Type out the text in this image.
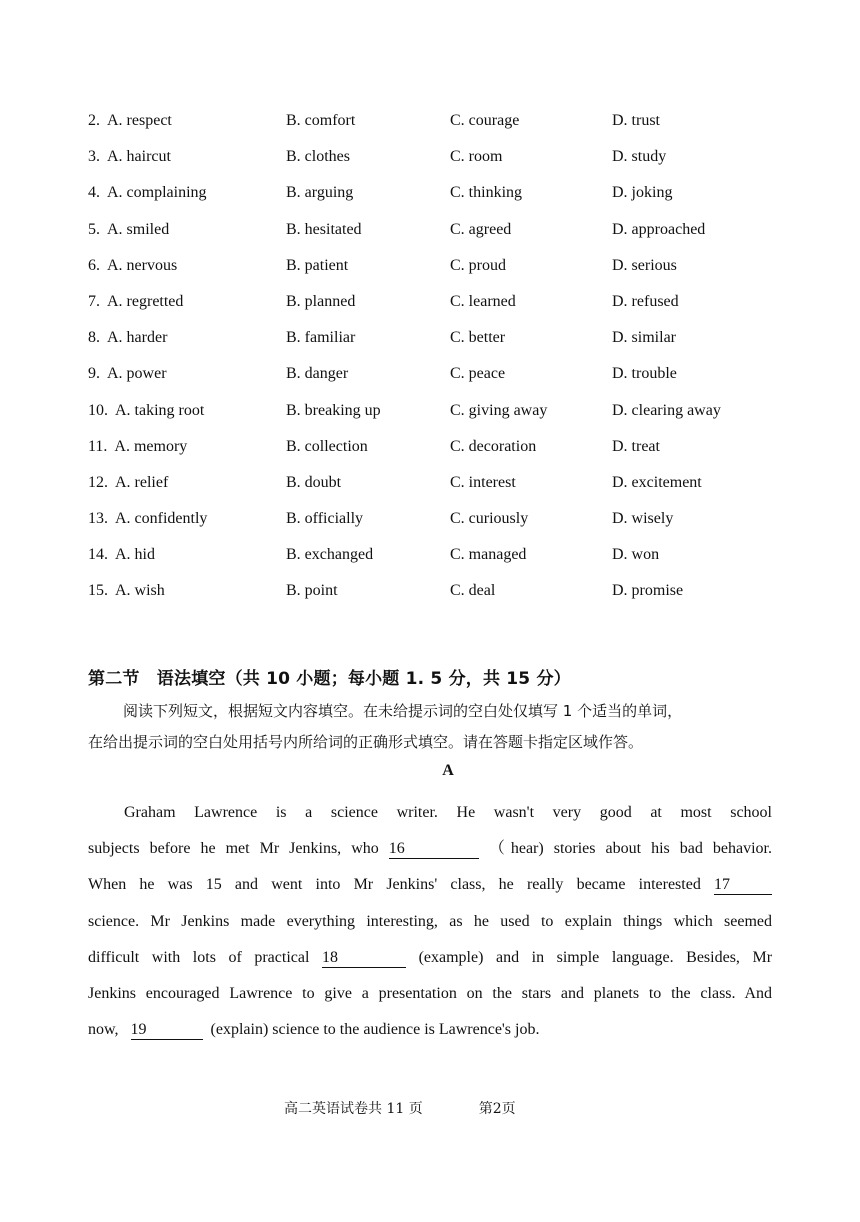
2. A. respect	B. comfort	C. courage	D. trust
3. A. haircut	B. clothes	C. room	D. study
4. A. complaining	B. arguing	C. thinking	D. joking
5. A. smiled	B. hesitated	C. agreed	D. approached
6. A. nervous	B. patient	C. proud	D. serious
7. A. regretted	B. planned	C. learned	D. refused
8. A. harder	B. familiar	C. better	D. similar
9. A. power	B. danger	C. peace	D. trouble
10. A. taking root	B. breaking up	C. giving away	D. clearing away
11. A. memory	B. collection	C. decoration	D. treat
12. A. relief	B. doubt	C. interest	D. excitement
13. A. confidently	B. officially	C. curiously	D. wisely
14. A. hid	B. exchanged	C. managed	D. won
15. A. wish	B. point	C. deal	D. promise
第二节　语法填空（共 10 小题；每小题 1. 5 分，共 15 分）

阅读下列短文，根据短文内容填空。在未给提示词的空白处仅填写 1 个适当的单词，

在给出提示词的空白处用括号内所给词的正确形式填空。请在答题卡指定区域作答。

A
Graham Lawrence is a science writer. He wasn't very good at most school
subjects before he met Mr Jenkins, who 16	（hear) stories about his bad behavior.
When he was 15 and went into Mr Jenkins' class, he really became interested 17
science. Mr Jenkins made everything interesting, as he used to explain things which seemed
difficult with lots of practical 18	(example) and in simple language. Besides, Mr
Jenkins encouraged Lawrence to give a presentation on the stars and planets to the class. And
now, 19	(explain) science to the audience is Lawrence's job.
高二英语试卷共 11 页	第2页
